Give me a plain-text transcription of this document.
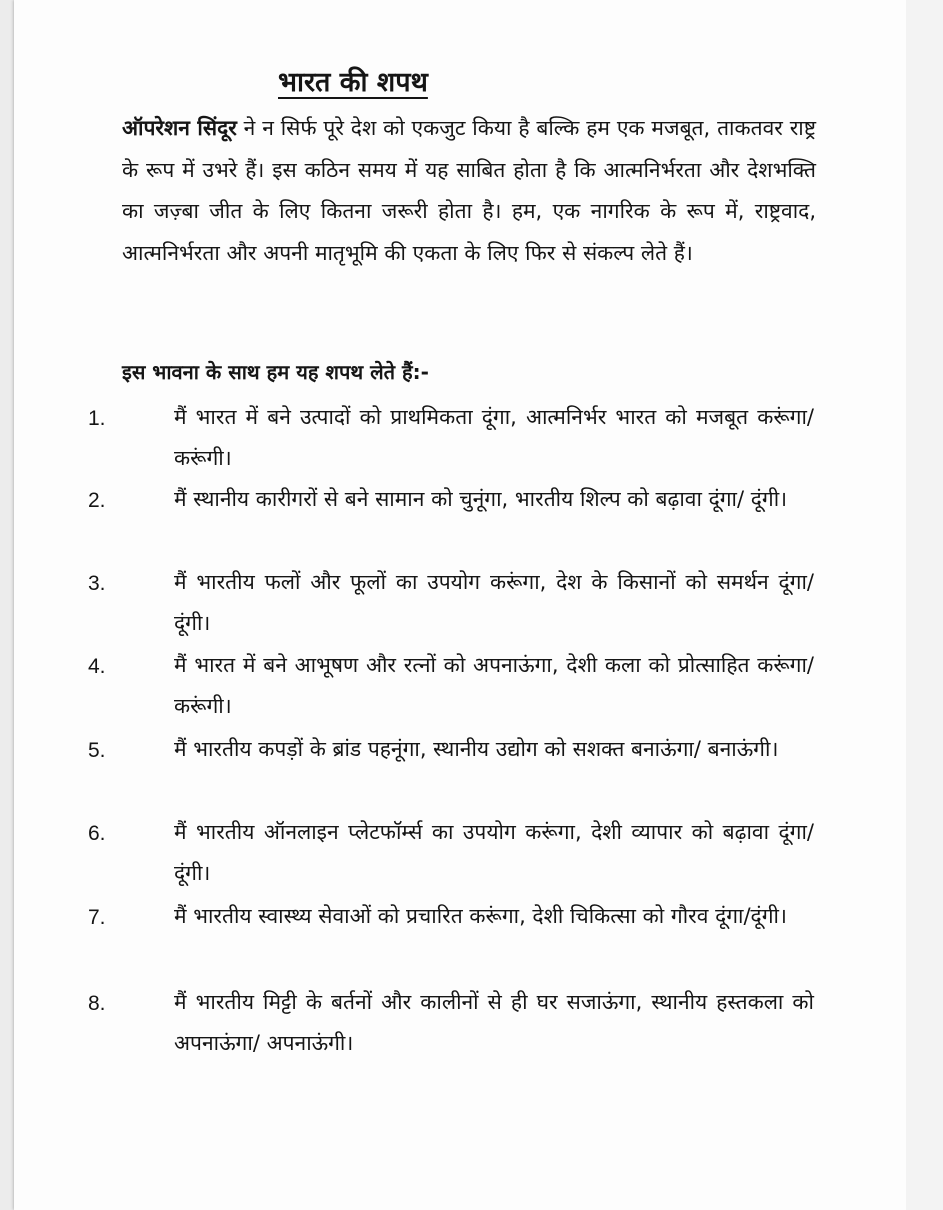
भारत की शपथ
ऑपरेशन सिंदूर ने न सिर्फ पूरे देश को एकजुट किया है बल्कि हम एक मजबूत, ताकतवर राष्ट्र के रूप में उभरे हैं। इस कठिन समय में यह साबित होता है कि आत्मनिर्भरता और देशभक्ति का जज़्बा जीत के लिए कितना जरूरी होता है। हम, एक नागरिक के रूप में, राष्ट्रवाद, आत्मनिर्भरता और अपनी मातृभूमि की एकता के लिए फिर से संकल्प लेते हैं।
इस भावना के साथ हम यह शपथ लेते हैं:-
1.	मैं भारत में बने उत्पादों को प्राथमिकता दूंगा, आत्मनिर्भर भारत को मजबूत करूंगा/ करूंगी।
2.	मैं स्थानीय कारीगरों से बने सामान को चुनूंगा, भारतीय शिल्प को बढ़ावा दूंगा/ दूंगी।
3.	मैं भारतीय फलों और फूलों का उपयोग करूंगा, देश के किसानों को समर्थन दूंगा/ दूंगी।
4.	मैं भारत में बने आभूषण और रत्नों को अपनाऊंगा, देशी कला को प्रोत्साहित करूंगा/ करूंगी।
5.	मैं भारतीय कपड़ों के ब्रांड पहनूंगा, स्थानीय उद्योग को सशक्त बनाऊंगा/ बनाऊंगी।
6.	मैं भारतीय ऑनलाइन प्लेटफॉर्म्स का उपयोग करूंगा, देशी व्यापार को बढ़ावा दूंगा/ दूंगी।
7.	मैं भारतीय स्वास्थ्य सेवाओं को प्रचारित करूंगा, देशी चिकित्सा को गौरव दूंगा/दूंगी।
8.	मैं भारतीय मिट्टी के बर्तनों और कालीनों से ही घर सजाऊंगा, स्थानीय हस्तकला को अपनाऊंगा/ अपनाऊंगी।
